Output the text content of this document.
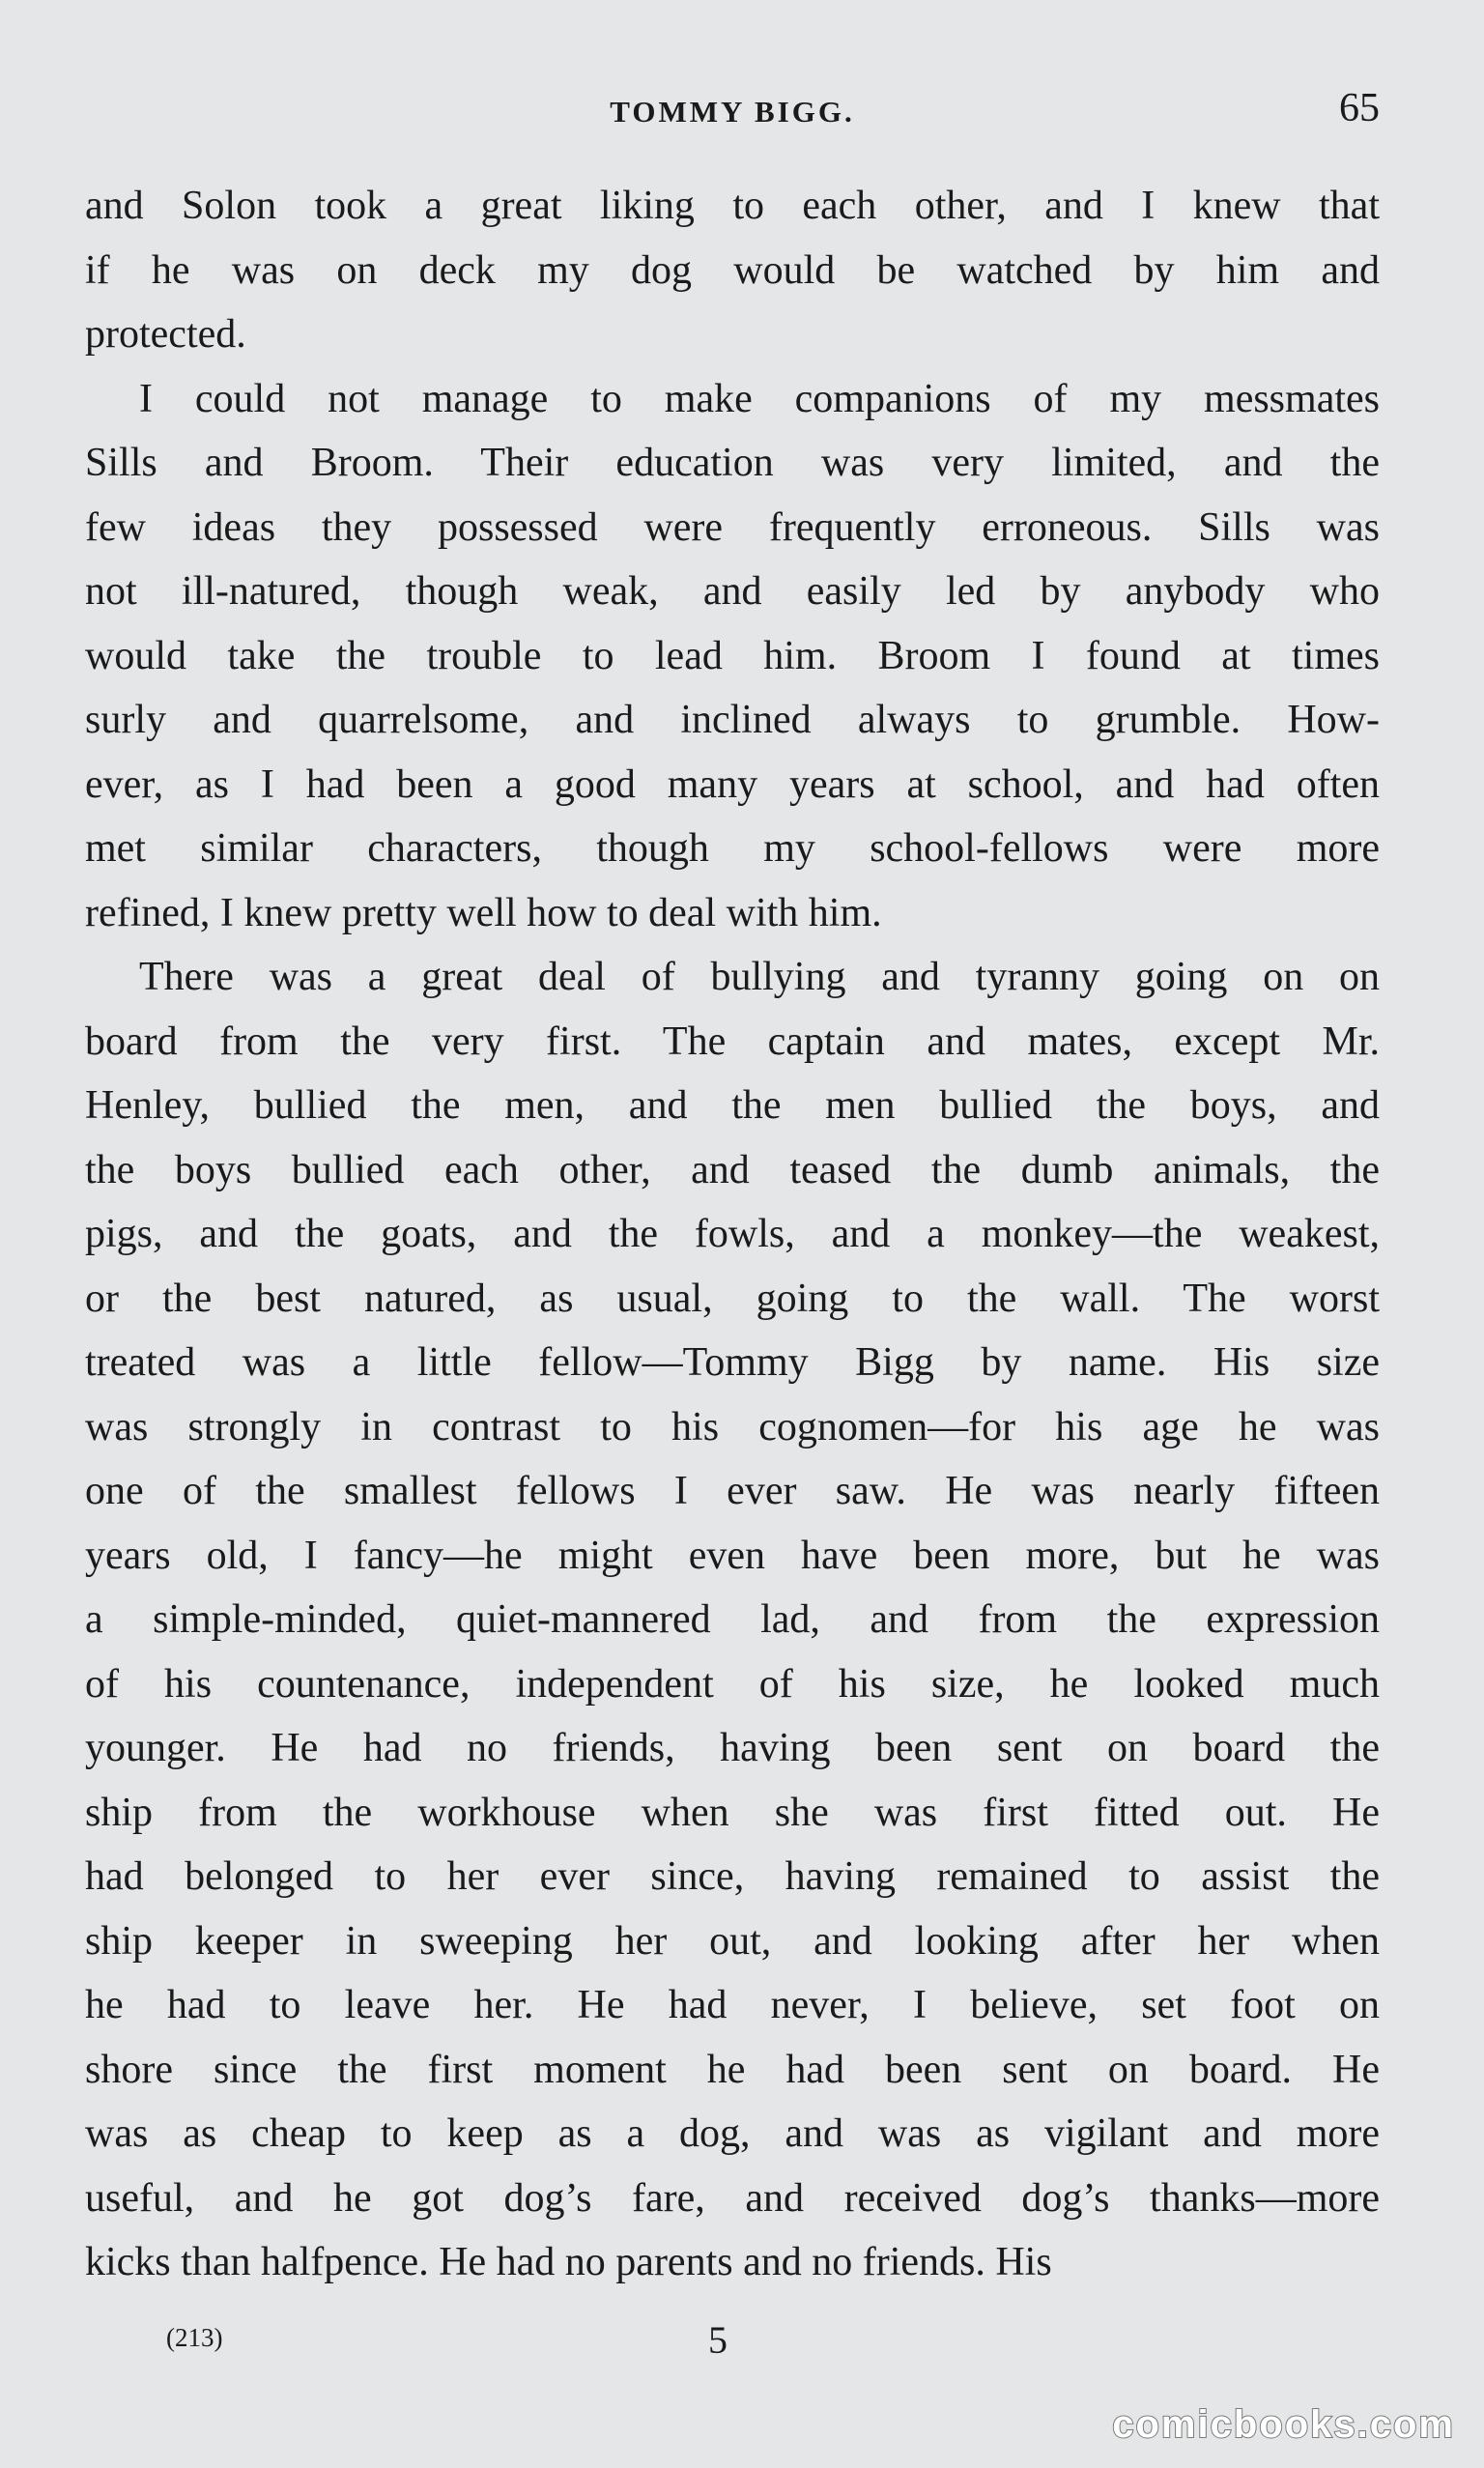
TOMMY BIGG.	65
and Solon took a great liking to each other, and I knew that
if he was on deck my dog would be watched by him and
protected.
I could not manage to make companions of my messmates
Sills and Broom. Their education was very limited, and the
few ideas they possessed were frequently erroneous. Sills was
not ill-natured, though weak, and easily led by anybody who
would take the trouble to lead him. Broom I found at times
surly and quarrelsome, and inclined always to grumble. How-
ever, as I had been a good many years at school, and had often
met similar characters, though my school-fellows were more
refined, I knew pretty well how to deal with him.
There was a great deal of bullying and tyranny going on on
board from the very first. The captain and mates, except Mr.
Henley, bullied the men, and the men bullied the boys, and
the boys bullied each other, and teased the dumb animals, the
pigs, and the goats, and the fowls, and a monkey—the weakest,
or the best natured, as usual, going to the wall. The worst
treated was a little fellow—Tommy Bigg by name. His size
was strongly in contrast to his cognomen—for his age he was
one of the smallest fellows I ever saw. He was nearly fifteen
years old, I fancy—he might even have been more, but he was
a simple-minded, quiet-mannered lad, and from the expression
of his countenance, independent of his size, he looked much
younger. He had no friends, having been sent on board the
ship from the workhouse when she was first fitted out. He
had belonged to her ever since, having remained to assist the
ship keeper in sweeping her out, and looking after her when
he had to leave her. He had never, I believe, set foot on
shore since the first moment he had been sent on board. He
was as cheap to keep as a dog, and was as vigilant and more
useful, and he got dog’s fare, and received dog’s thanks—more
kicks than halfpence. He had no parents and no friends. His
(213)	5
comicbooks.com
